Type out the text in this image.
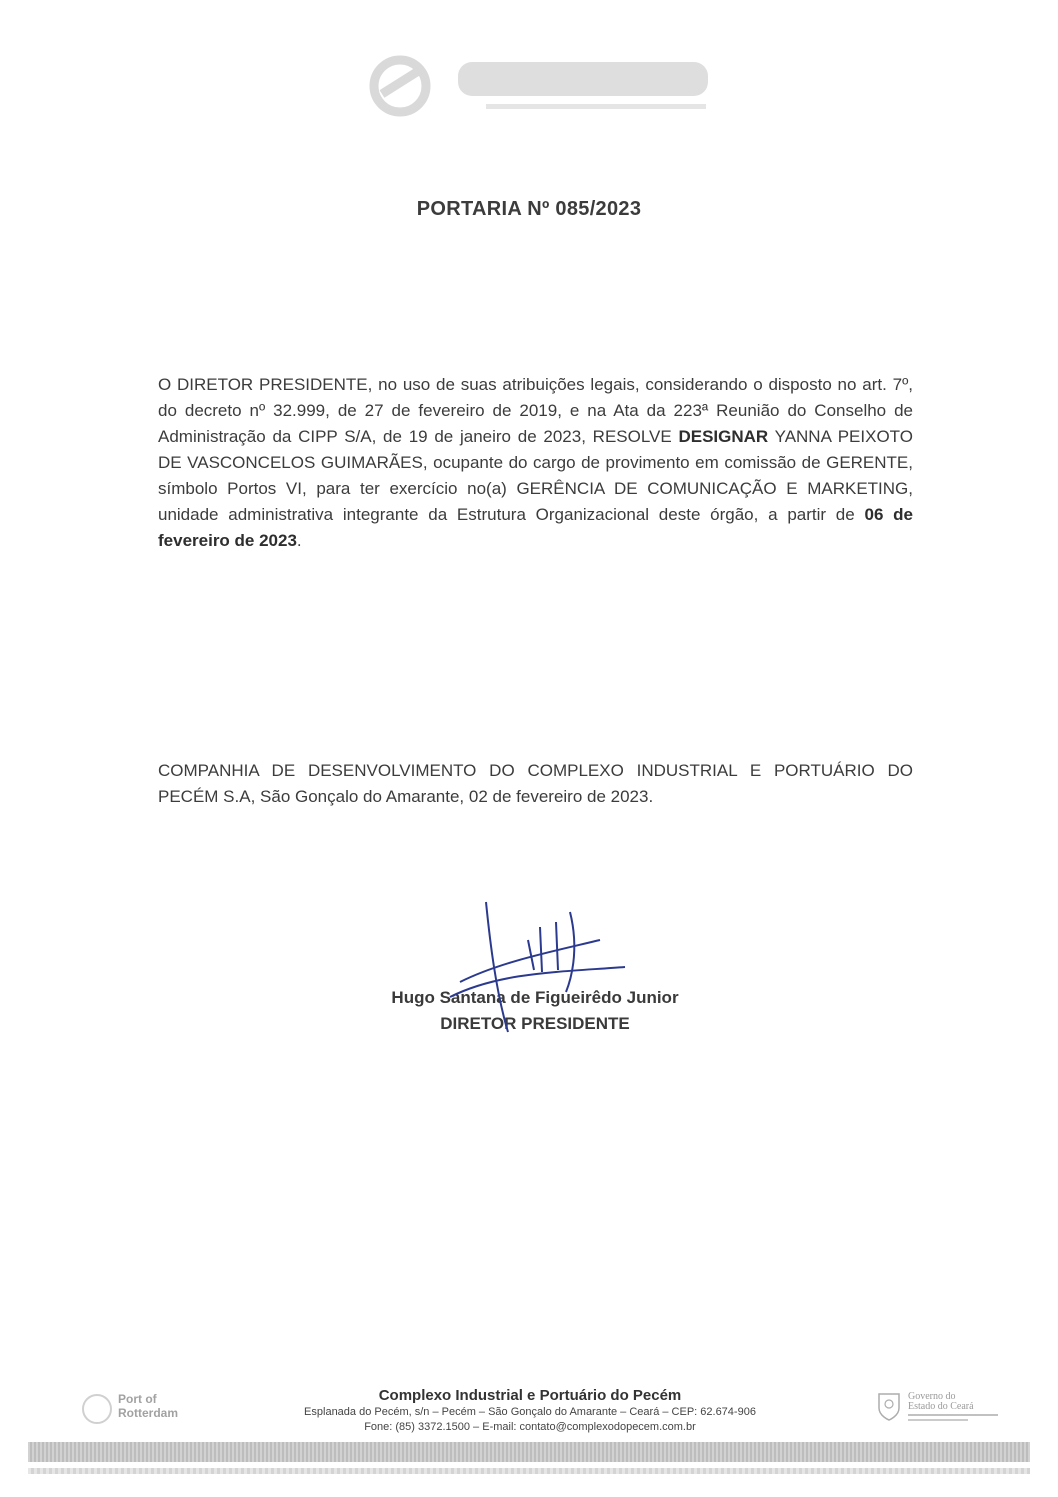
PORTARIA Nº 085/2023
O DIRETOR PRESIDENTE, no uso de suas atribuições legais, considerando o disposto no art. 7º, do decreto nº 32.999, de 27 de fevereiro de 2019, e na Ata da 223ª Reunião do Conselho de Administração da CIPP S/A, de 19 de janeiro de 2023, RESOLVE DESIGNAR YANNA PEIXOTO DE VASCONCELOS GUIMARÃES, ocupante do cargo de provimento em comissão de GERENTE, símbolo Portos VI, para ter exercício no(a) GERÊNCIA DE COMUNICAÇÃO E MARKETING, unidade administrativa integrante da Estrutura Organizacional deste órgão, a partir de 06 de fevereiro de 2023.
COMPANHIA DE DESENVOLVIMENTO DO COMPLEXO INDUSTRIAL E PORTUÁRIO DO PECÉM S.A, São Gonçalo do Amarante, 02 de fevereiro de 2023.
Hugo Santana de Figueirêdo Junior
DIRETOR PRESIDENTE
Port of
Rotterdam
Complexo Industrial e Portuário do Pecém
Esplanada do Pecém, s/n – Pecém – São Gonçalo do Amarante – Ceará – CEP: 62.674-906
Fone: (85) 3372.1500 – E-mail: contato@complexodopecem.com.br
Governo do
Estado do Ceará
